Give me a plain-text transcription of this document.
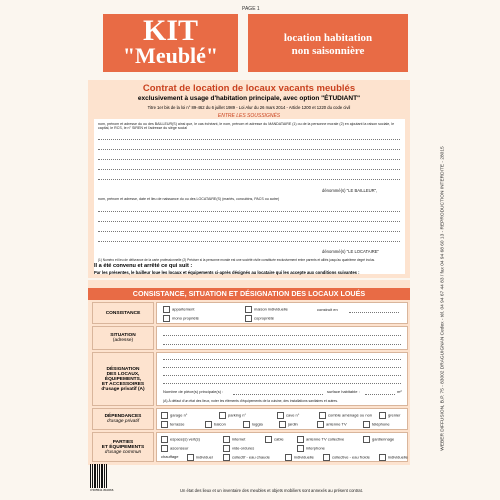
PAGE 1
KIT
"Meublé"
location habitation
non saisonnière
Contrat de location de locaux vacants meublés
exclusivement à usage d'habitation principale, avec option "ÉTUDIANT"
Titre 1er bis de la loi n° 89-462 du 6 juillet 1989 - Loi Alur du 26 mars 2014 - Article 1200 et 1220 du code civil
ENTRE LES SOUSSIGNÉS
nom, prénom et adresse du ou des BAILLEUR(S) ainsi que, le cas échéant, le nom, prénom et adresse du MANDATAIRE (1) ou de la personne morale (2) en ajoutant la raison sociale, le capital, le RCS, le n° SIREN et l'adresse du siège social
dénommé(s) "LE BAILLEUR",
nom, prénom et adresse, date et lieu de naissance du ou des LOCATAIRE(S) (mariés, concubins, PACS ou autre)
dénommé(s) "LE LOCATAIRE"
(1) Numéro et lieu de délivrance de la carte professionnelle (2) Préciser si la personne morale est une société civile constituée exclusivement entre parents et alliés jusqu'au quatrième degré inclus.	WEBER DIFFUSION, B.P. 75 - 83002 DRAGUIGNAN Cedex - tél. 04 94 67 44 83 / fax 04 94 68 60 13 - REPRODUCTION INTERDITE - 28015
Il a été convenu et arrêté ce qui suit :
Par les présentes, le bailleur loue les locaux et équipements ci-après désignés au locataire qui les accepte aux conditions suivantes :
CONSISTANCE, SITUATION ET DÉSIGNATION DES LOCAUX LOUÉS
CONSISTANCE
appartement	maison individuelle
mono propriété	copropriété
construit en
SITUATION
(adresse)
DÉSIGNATION
DES LOCAUX,
ÉQUIPEMENTS,
ET ACCESSOIRES
d'usage privatif (A)	Nombre de pièce(s) principale(s) :	surface habitable :	m²
(A) À défaut d'un état des lieux, noter les éléments d'équipements de la cuisine, des installations sanitaires et autres.
DÉPENDANCES
d'usage privatif
garage n°	parking n°	cave n°	comble aménagé ou non	grenier
terrasse	balcon	loggia	jardin	antenne TV	téléphone
PARTIES
ET ÉQUIPEMENTS
d'usage commun
espace(s) vert(s)	internet	cable	antenne TV collective	gardiennage
ascenseur	vide-ordures	interphone
chauffage	individuel	collectif - eau chaude	individuelle	collective - eau froide	individuelle
3 505541 810066	Un état des lieux et un inventaire des meubles et objets mobiliers sont annexés au présent contrat.
